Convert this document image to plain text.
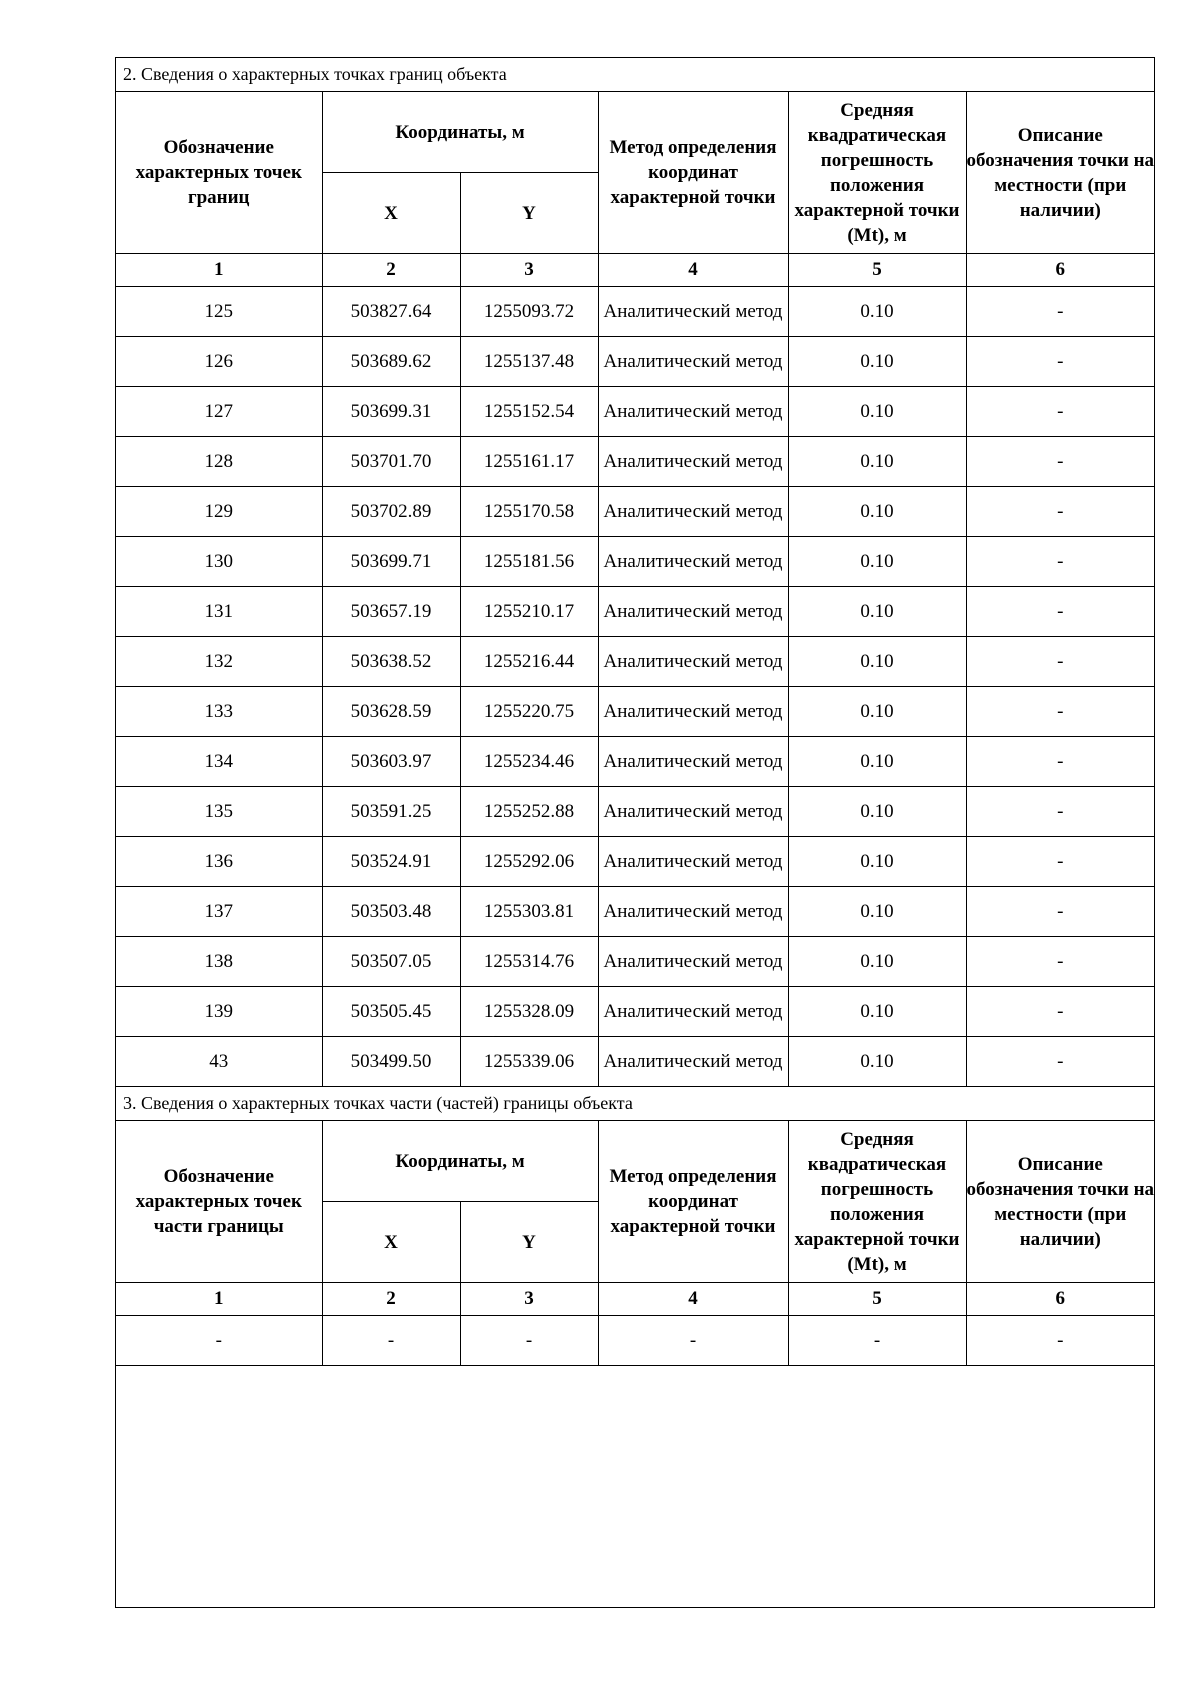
2. Сведения о характерных точках границ объекта					
Обозначение характерных точек границ	Координаты, м		Метод определения координат характерной точки	Средняя квадратическая погрешность положения характерной точки (Mt), м	Описание обозначения точки на местности (при наличии)
	X	Y			
1	2	3	4	5	6
125	503827.64	1255093.72	Аналитический метод	0.10	-
126	503689.62	1255137.48	Аналитический метод	0.10	-
127	503699.31	1255152.54	Аналитический метод	0.10	-
128	503701.70	1255161.17	Аналитический метод	0.10	-
129	503702.89	1255170.58	Аналитический метод	0.10	-
130	503699.71	1255181.56	Аналитический метод	0.10	-
131	503657.19	1255210.17	Аналитический метод	0.10	-
132	503638.52	1255216.44	Аналитический метод	0.10	-
133	503628.59	1255220.75	Аналитический метод	0.10	-
134	503603.97	1255234.46	Аналитический метод	0.10	-
135	503591.25	1255252.88	Аналитический метод	0.10	-
136	503524.91	1255292.06	Аналитический метод	0.10	-
137	503503.48	1255303.81	Аналитический метод	0.10	-
138	503507.05	1255314.76	Аналитический метод	0.10	-
139	503505.45	1255328.09	Аналитический метод	0.10	-
43	503499.50	1255339.06	Аналитический метод	0.10	-
3. Сведения о характерных точках части (частей) границы объекта					
Обозначение характерных точек части границы	Координаты, м		Метод определения координат характерной точки	Средняя квадратическая погрешность положения характерной точки (Mt), м	Описание обозначения точки на местности (при наличии)
	X	Y			
1	2	3	4	5	6
-	-	-	-	-	-
